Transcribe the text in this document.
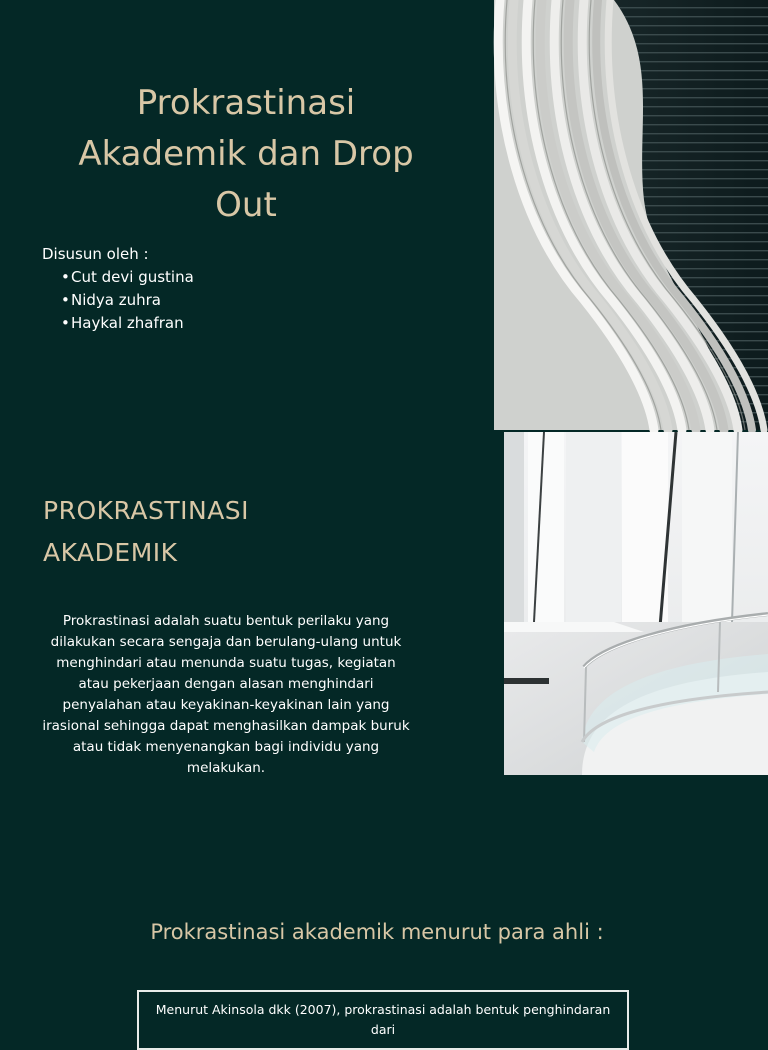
Prokrastinasi Akademik dan Drop Out
Disusun oleh :
• Cut devi gustina
• Nidya zuhra
• Haykal zhafran
PROKRASTINASI AKADEMIK

Prokrastinasi adalah suatu bentuk perilaku yang dilakukan secara sengaja dan berulang-ulang untuk menghindari atau menunda suatu tugas, kegiatan atau pekerjaan dengan alasan menghindari penyalahan atau keyakinan-keyakinan lain yang irasional sehingga dapat menghasilkan dampak buruk atau tidak menyenangkan bagi individu yang melakukan.

Prokrastinasi akademik menurut para ahli :
Menurut Akinsola dkk (2007), prokrastinasi adalah bentuk penghindaran dari
